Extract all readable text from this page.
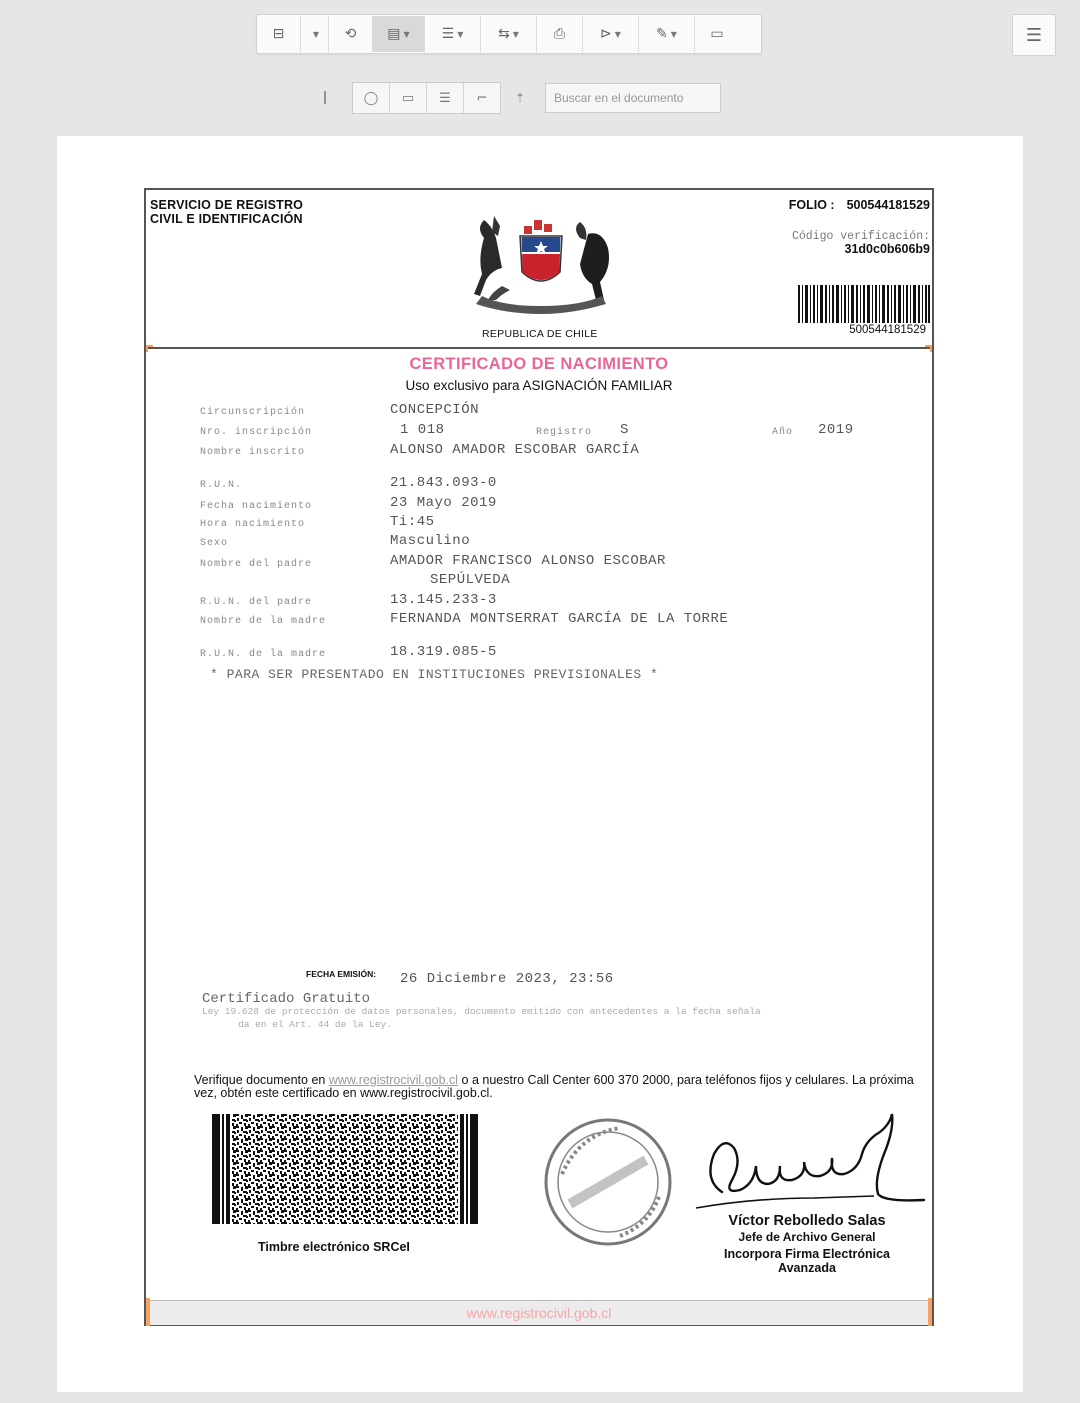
⊟	▼ ⟲ ▤ ▼ ☰ ▼ ⇆ ▼ ⎙ ⊳ ▼	✎ ▼ ▭	☰
I	◯	▭	☰	⌐	⇡	Buscar en el documento
SERVICIO DE REGISTRO
CIVIL E IDENTIFICACIÓN
FOLIO : 500544181529
Código verificación:
31d0c0b606b9
500544181529
REPUBLICA DE CHILE
CERTIFICADO DE NACIMIENTO
Uso exclusivo para ASIGNACIÓN FAMILIAR
Circunscripción	CONCEPCIÓN
Nro. inscripción	1 018	Registro S	Año 2019
Nombre inscrito	ALONSO AMADOR ESCOBAR GARCÍA
R.U.N.	21.843.093-0
Fecha nacimiento	23 Mayo 2019
Hora nacimiento	Ti:45
Sexo	Masculino
Nombre del padre	AMADOR FRANCISCO ALONSO ESCOBAR
SEPÚLVEDA
R.U.N. del padre	13.145.233-3
Nombre de la madre	FERNANDA MONTSERRAT GARCÍA DE LA TORRE
R.U.N. de la madre	18.319.085-5
* PARA SER PRESENTADO EN INSTITUCIONES PREVISIONALES *
FECHA EMISIÓN: 26 Diciembre 2023, 23:56
Certificado Gratuito
Ley 19.628 de protección de datos personales, documento emitido con antecedentes a la fecha señala
da en el Art. 44 de la Ley.
Verifique documento en www.registrocivil.gob.cl o a nuestro Call Center 600 370 2000, para teléfonos fijos y celulares. La próxima vez, obtén este certificado en www.registrocivil.gob.cl.
Timbre electrónico SRCeI
Víctor Rebolledo Salas
Jefe de Archivo General
Incorpora Firma Electrónica
Avanzada
www.registrocivil.gob.cl
